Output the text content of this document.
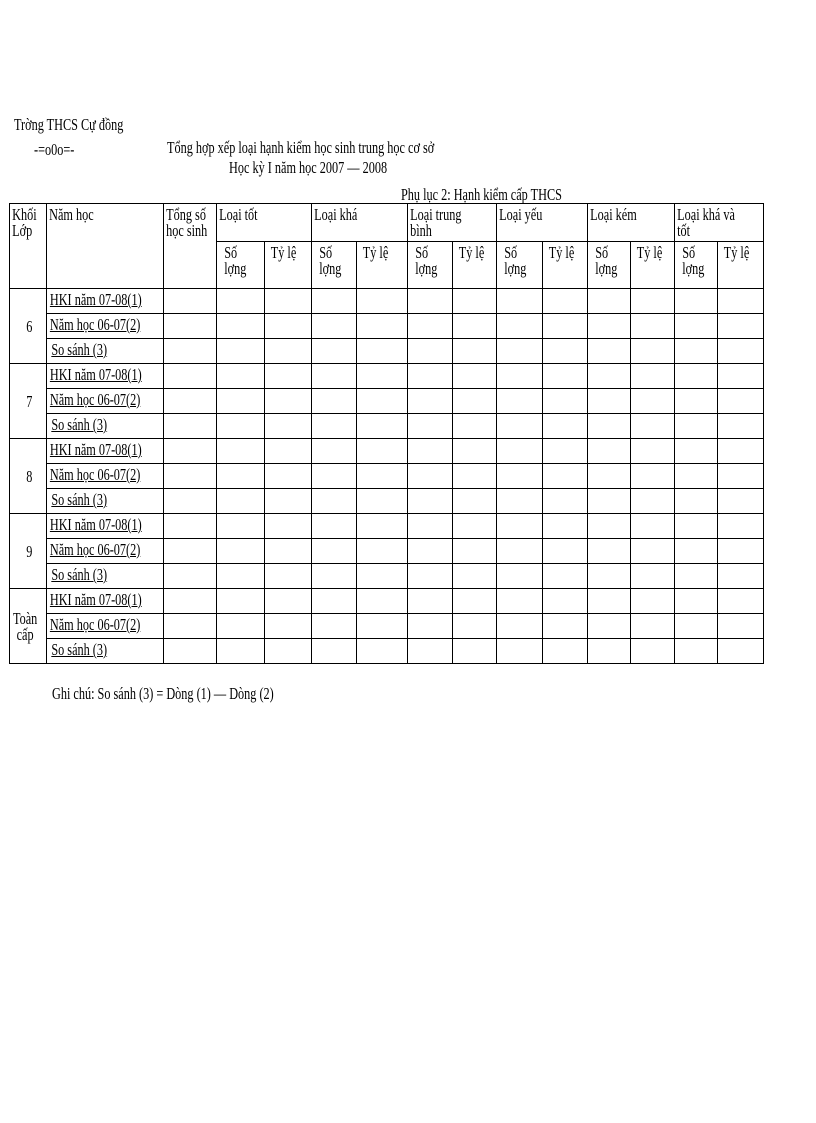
Trờng THCS Cự đồng
-=o0o=-	Tổng hợp xếp loại hạnh kiểm học sinh trung học cơ sở
Học kỳ I năm học 2007 — 2008
Phụ lục 2: Hạnh kiểm cấp THCS
Khối Lớp	Năm học	Tổng số học sinh	Loại tốt		Loại khá		Loại trung bình		Loại yếu		Loại kém		Loại khá và tốt	
			Số lợng	Tỷ lệ	Số lợng	Tỷ lệ	Số lợng	Tỷ lệ	Số lợng	Tỷ lệ	Số lợng	Tỷ lệ	Số lợng	Tỷ lệ
6	HKI năm 07-08(1)													
	Năm học 06-07(2)													
	So sánh (3)													
7	HKI năm 07-08(1)													
	Năm học 06-07(2)													
	So sánh (3)													
8	HKI năm 07-08(1)													
	Năm học 06-07(2)													
	So sánh (3)													
9	HKI năm 07-08(1)													
	Năm học 06-07(2)													
	So sánh (3)													
Toàn cấp	HKI năm 07-08(1)													
	Năm học 06-07(2)													
	So sánh (3)													
Ghi chú: So sánh (3) = Dòng (1) — Dòng (2)
